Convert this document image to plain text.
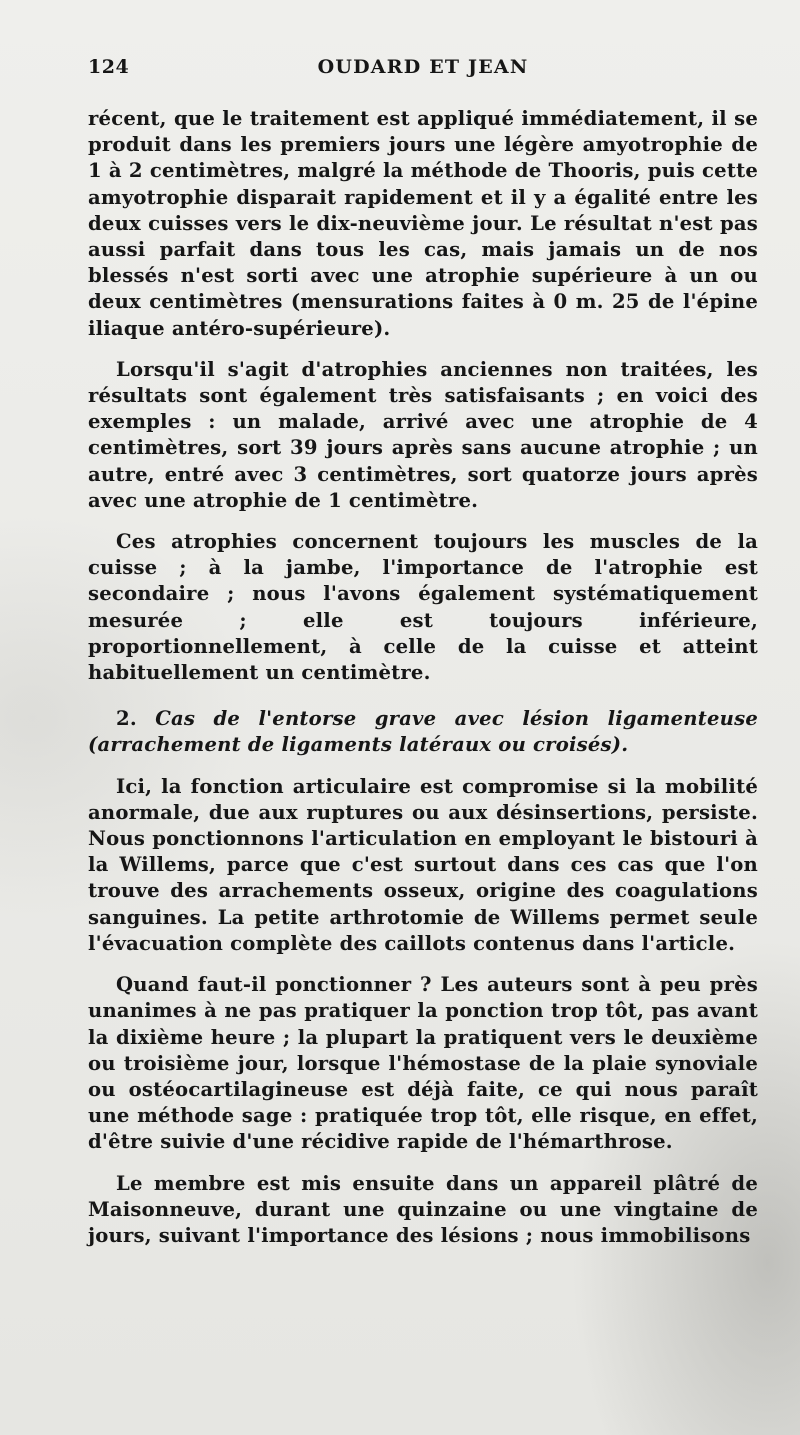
124	OUDARD ET JEAN

récent, que le traitement est appliqué immédiatement, il se produit dans les premiers jours une légère amyotrophie de 1 à 2 centimètres, malgré la méthode de Thooris, puis cette amyotrophie disparait rapidement et il y a égalité entre les deux cuisses vers le dix-neuvième jour. Le résultat n'est pas aussi parfait dans tous les cas, mais jamais un de nos blessés n'est sorti avec une atrophie supérieure à un ou deux centimètres (mensurations faites à 0 m. 25 de l'épine iliaque antéro-supérieure).

Lorsqu'il s'agit d'atrophies anciennes non traitées, les résultats sont également très satisfaisants ; en voici des exemples : un malade, arrivé avec une atrophie de 4 centimètres, sort 39 jours après sans aucune atrophie ; un autre, entré avec 3 centimètres, sort quatorze jours après avec une atrophie de 1 centimètre.

Ces atrophies concernent toujours les muscles de la cuisse ; à la jambe, l'importance de l'atrophie est secondaire ; nous l'avons également systématiquement mesurée ; elle est toujours inférieure, proportionnellement, à celle de la cuisse et atteint habituellement un centimètre.

2. Cas de l'entorse grave avec lésion ligamenteuse (arrachement de ligaments latéraux ou croisés).

Ici, la fonction articulaire est compromise si la mobilité anormale, due aux ruptures ou aux désinsertions, persiste. Nous ponctionnons l'articulation en employant le bistouri à la Willems, parce que c'est surtout dans ces cas que l'on trouve des arrachements osseux, origine des coagulations sanguines. La petite arthrotomie de Willems permet seule l'évacuation complète des caillots contenus dans l'article.

Quand faut-il ponctionner ? Les auteurs sont à peu près unanimes à ne pas pratiquer la ponction trop tôt, pas avant la dixième heure ; la plupart la pratiquent vers le deuxième ou troisième jour, lorsque l'hémostase de la plaie synoviale ou ostéocartilagineuse est déjà faite, ce qui nous paraît une méthode sage : pratiquée trop tôt, elle risque, en effet, d'être suivie d'une récidive rapide de l'hémarthrose.

Le membre est mis ensuite dans un appareil plâtré de Maisonneuve, durant une quinzaine ou une vingtaine de jours, suivant l'importance des lésions ; nous immobilisons
